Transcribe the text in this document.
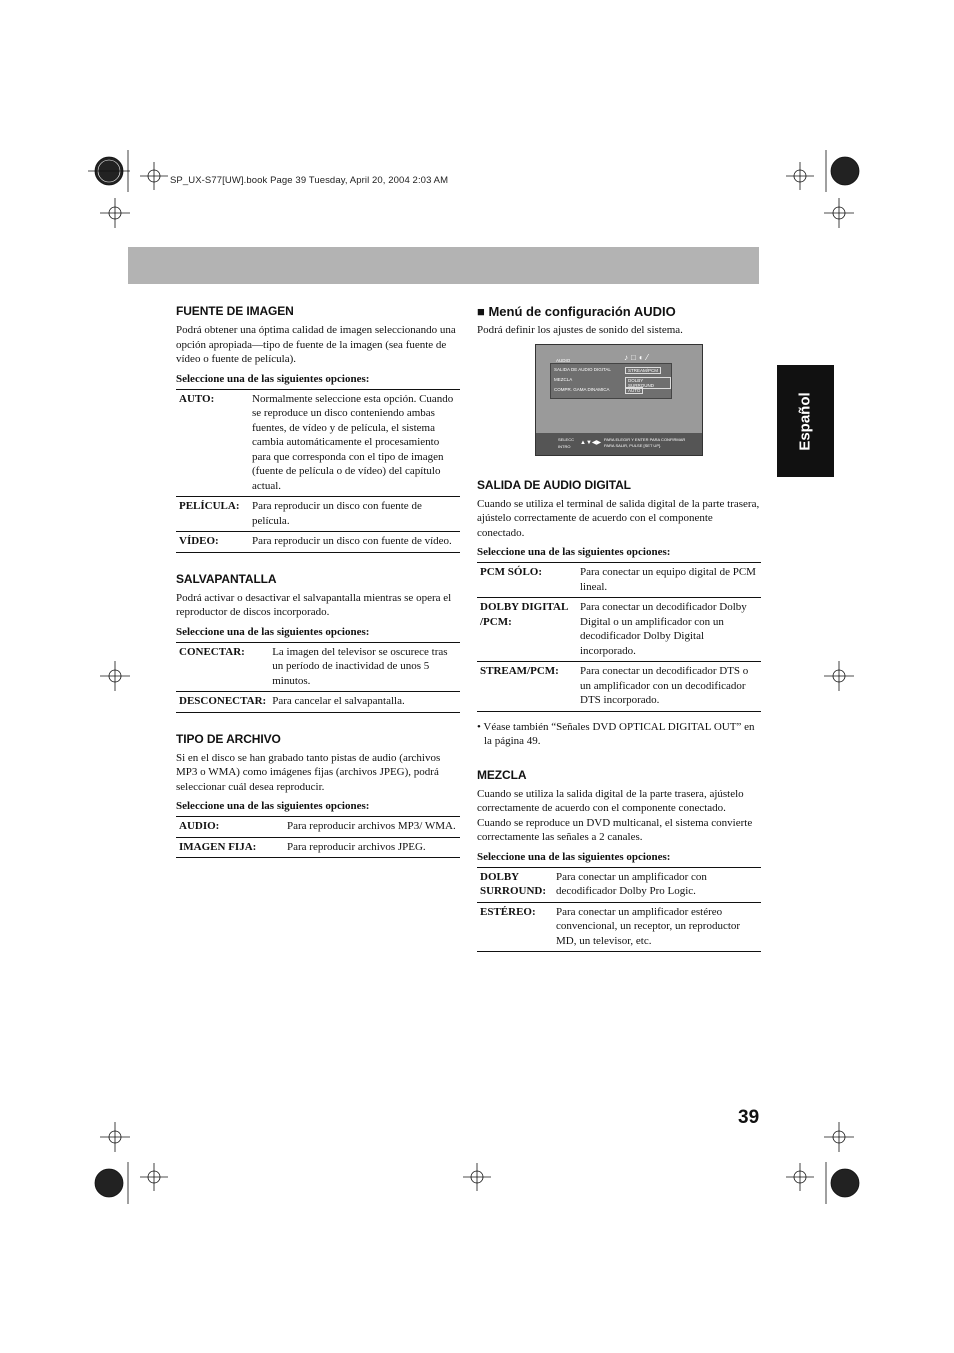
SP_UX-S77[UW].book Page 39 Tuesday, April 20, 2004 2:03 AM
Español
39
FUENTE DE IMAGEN

Podrá obtener una óptima calidad de imagen seleccionando una opción apropiada—tipo de fuente de la imagen (sea fuente de vídeo o fuente de película).

Seleccione una de las siguientes opciones:

AUTO:	Normalmente seleccione esta opción. Cuando se reproduce un disco conteniendo ambas fuentes, de vídeo y de película, el sistema cambia automáticamente el procesamiento para que corresponda con el tipo de imagen (fuente de película o de vídeo) del capítulo actual.
PELÍCULA:	Para reproducir un disco con fuente de película.
VÍDEO:	Para reproducir un disco con fuente de vídeo.
SALVAPANTALLA

Podrá activar o desactivar el salvapantalla mientras se opera el reproductor de discos incorporado.

Seleccione una de las siguientes opciones:

CONECTAR:	La imagen del televisor se oscurece tras un período de inactividad de unos 5 minutos.
DESCONECTAR:	Para cancelar el salvapantalla.
TIPO DE ARCHIVO

Si en el disco se han grabado tanto pistas de audio (archivos MP3 o WMA) como imágenes fijas (archivos JPEG), podrá seleccionar cuál desea reproducir.

Seleccione una de las siguientes opciones:

AUDIO:	Para reproducir archivos MP3/ WMA.
IMAGEN FIJA:	Para reproducir archivos JPEG.
■ Menú de configuración AUDIO

Podrá definir los ajustes de sonido del sistema.

AUDIO	♪□◐⁄
SALIDA DE AUDIO DIGITAL	STREAM/PCM
MEZCLA	DOLBY SURROUND
COMPR. GAMA DINAMICA	AUTO
SELECC
INTRO
▲▼◀▶
PARA ELEGIR Y ENTER PARA CONFIRMAR
PARA SALIR, PULSE [SET UP].
SALIDA DE AUDIO DIGITAL

Cuando se utiliza el terminal de salida digital de la parte trasera, ajústelo correctamente de acuerdo con el componente conectado.

Seleccione una de las siguientes opciones:

PCM SÓLO:	Para conectar un equipo digital de PCM lineal.
DOLBY DIGITAL /PCM:	Para conectar un decodificador Dolby Digital o un amplificador con un decodificador Dolby Digital incorporado.
STREAM/PCM:	Para conectar un decodificador DTS o un amplificador con un decodificador DTS incorporado.

• Véase también “Señales DVD OPTICAL DIGITAL OUT” en la página 49.

MEZCLA

Cuando se utiliza la salida digital de la parte trasera, ajústelo correctamente de acuerdo con el componente conectado. Cuando se reproduce un DVD multicanal, el sistema convierte correctamente las señales a 2 canales.

Seleccione una de las siguientes opciones:

DOLBY SURROUND:	Para conectar un amplificador con decodificador Dolby Pro Logic.
ESTÉREO:	Para conectar un amplificador estéreo convencional, un receptor, un reproductor MD, un televisor, etc.
